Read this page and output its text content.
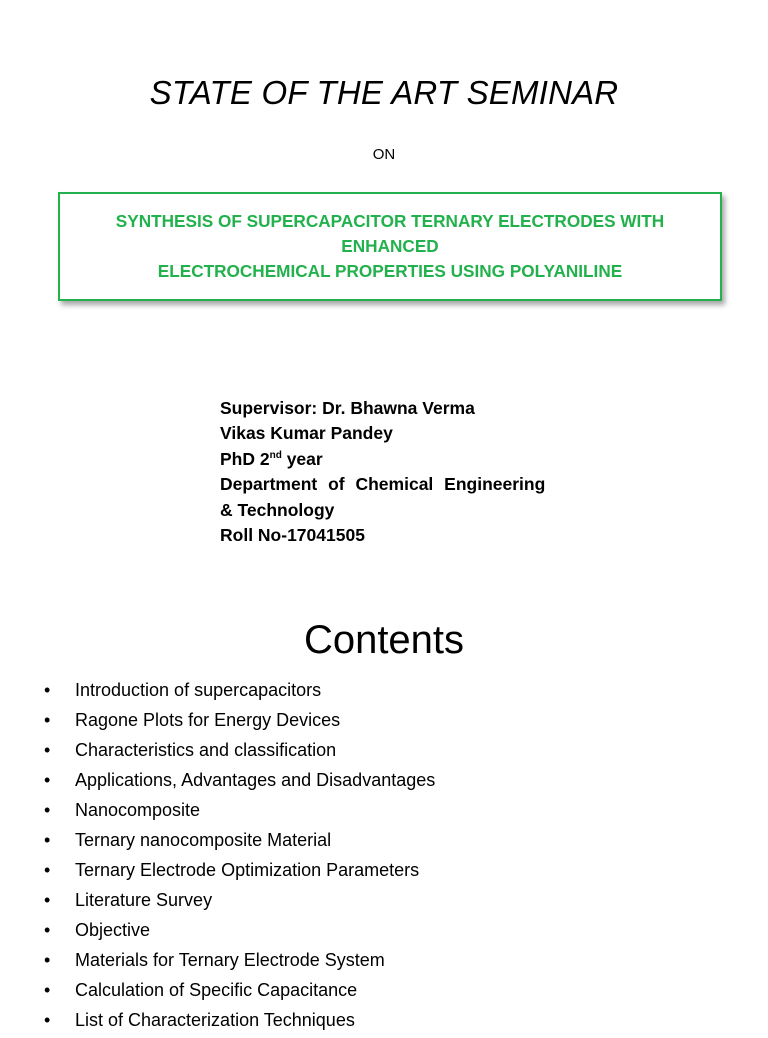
STATE OF THE ART SEMINAR
ON
SYNTHESIS OF SUPERCAPACITOR TERNARY ELECTRODES WITH ENHANCED
ELECTROCHEMICAL PROPERTIES USING POLYANILINE
Supervisor: Dr. Bhawna Verma
Vikas Kumar Pandey
PhD 2nd year
Department of Chemical Engineering
& Technology
Roll No-17041505
Contents
• Introduction of supercapacitors
• Ragone Plots for Energy Devices
• Characteristics and classification
• Applications, Advantages and Disadvantages
• Nanocomposite
• Ternary nanocomposite Material
• Ternary Electrode Optimization Parameters
• Literature Survey
• Objective
• Materials for Ternary Electrode System
• Calculation of Specific Capacitance
• List of Characterization Techniques
